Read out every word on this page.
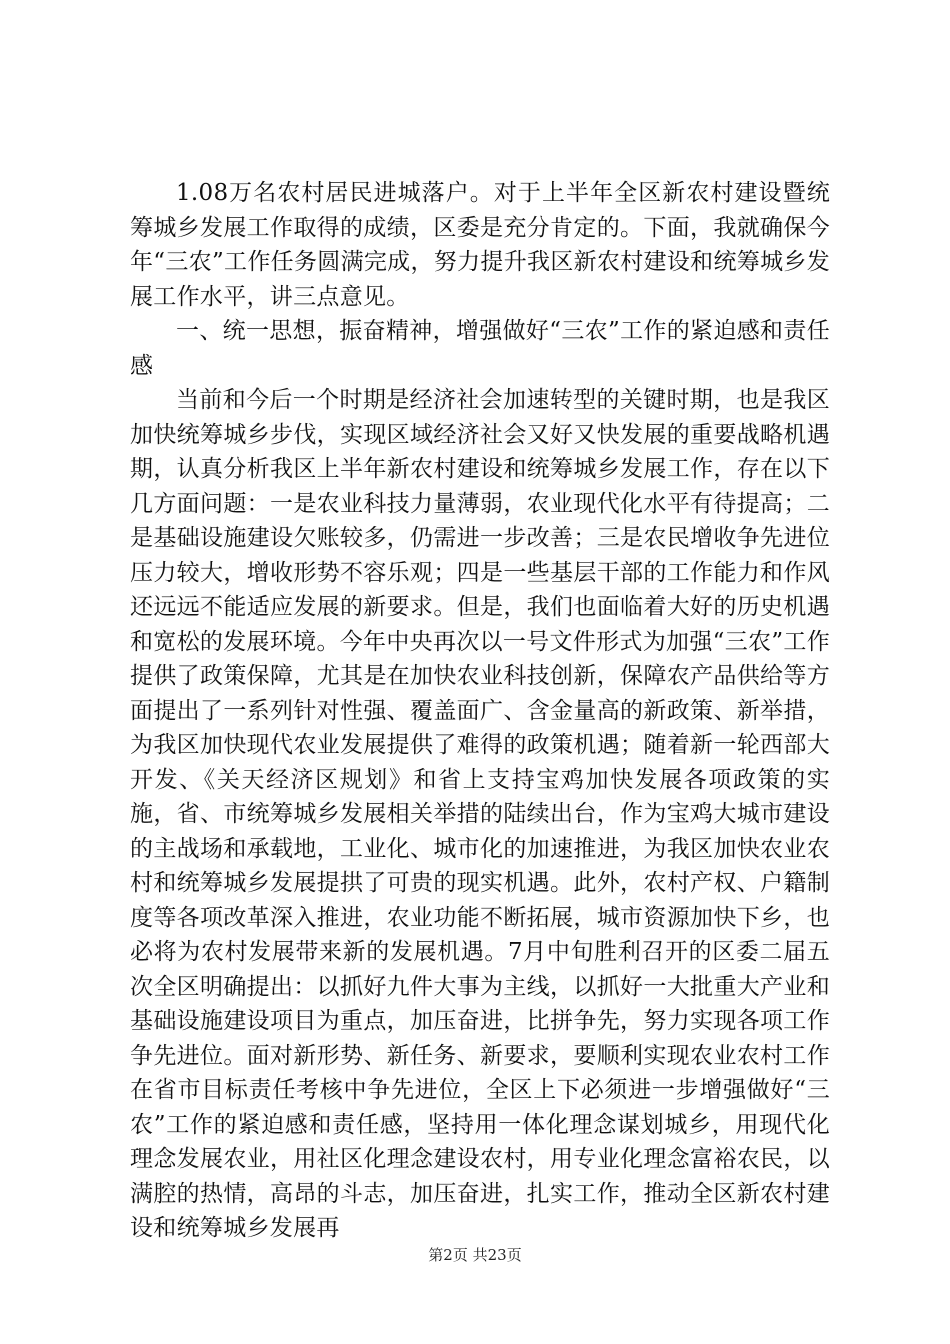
1.08万名农村居民进城落户。对于上半年全区新农村建设暨统筹城乡发展工作取得的成绩，区委是充分肯定的。下面，我就确保今年“三农”工作任务圆满完成，努力提升我区新农村建设和统筹城乡发展工作水平，讲三点意见。

一、统一思想，振奋精神，增强做好“三农”工作的紧迫感和责任感

当前和今后一个时期是经济社会加速转型的关键时期，也是我区加快统筹城乡步伐，实现区域经济社会又好又快发展的重要战略机遇期，认真分析我区上半年新农村建设和统筹城乡发展工作，存在以下几方面问题：一是农业科技力量薄弱，农业现代化水平有待提高；二是基础设施建设欠账较多，仍需进一步改善；三是农民增收争先进位压力较大，增收形势不容乐观；四是一些基层干部的工作能力和作风还远远不能适应发展的新要求。但是，我们也面临着大好的历史机遇和宽松的发展环境。今年中央再次以一号文件形式为加强“三农”工作提供了政策保障，尤其是在加快农业科技创新，保障农产品供给等方面提出了一系列针对性强、覆盖面广、含金量高的新政策、新举措，为我区加快现代农业发展提供了难得的政策机遇；随着新一轮西部大开发、《关天经济区规划》和省上支持宝鸡加快发展各项政策的实施，省、市统筹城乡发展相关举措的陆续出台，作为宝鸡大城市建设的主战场和承载地，工业化、城市化的加速推进，为我区加快农业农村和统筹城乡发展提拱了可贵的现实机遇。此外，农村产权、户籍制度等各项改革深入推进，农业功能不断拓展，城市资源加快下乡，也必将为农村发展带来新的发展机遇。7月中旬胜利召开的区委二届五次全区明确提出：以抓好九件大事为主线，以抓好一大批重大产业和基础设施建设项目为重点，加压奋进，比拼争先，努力实现各项工作争先进位。面对新形势、新任务、新要求，要顺利实现农业农村工作在省市目标责任考核中争先进位，全区上下必须进一步增强做好“三农”工作的紧迫感和责任感，坚持用一体化理念谋划城乡，用现代化理念发展农业，用社区化理念建设农村，用专业化理念富裕农民，以满腔的热情，高昂的斗志，加压奋进，扎实工作，推动全区新农村建设和统筹城乡发展再

第2页 共23页
